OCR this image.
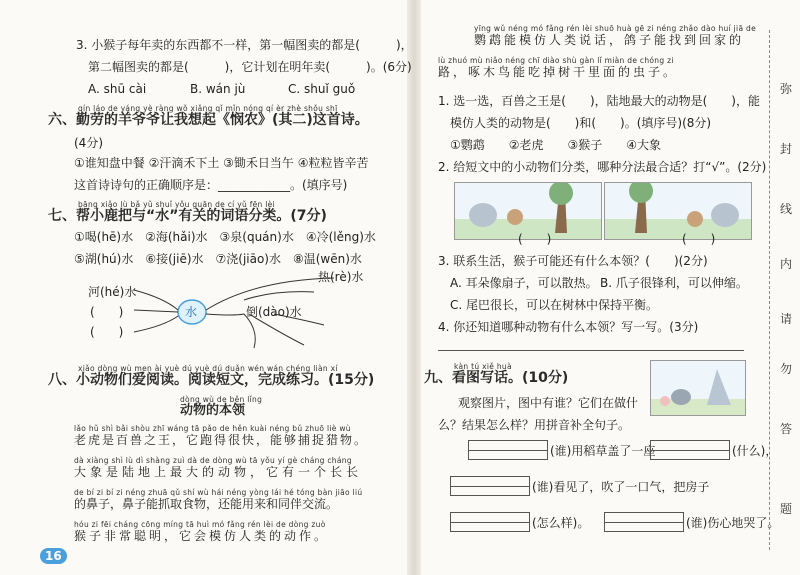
3. 小猴子每年卖的东西都不一样，第一幅图卖的都是(　　　)，
第二幅图卖的都是(　　　)，它计划在明年卖(　　　)。(6分)
A. shū cài	B. wán jù	C. shuǐ guǒ
qín láo de yáng yè ràng wǒ xiǎng qǐ mǐn nóng qí èr zhè shǒu shī
六、勤劳的羊爷爷让我想起《悯农》(其二)这首诗。
(4分)
①谁知盘中餐 ②汗滴禾下土 ③锄禾日当午 ④粒粒皆辛苦
这首诗诗句的正确顺序是：____________。(填序号)
bāng xiǎo lù bǎ yǔ shuǐ yǒu guān de cí yǔ fēn lèi
七、帮小鹿把与“水”有关的词语分类。(7分)
①喝(hē)水　②海(hǎi)水　③泉(quán)水　④冷(lěng)水
⑤湖(hú)水　⑥接(jiē)水　⑦浇(jiāo)水　⑧温(wēn)水
水
河(hé)水
热(rè)水
倒(dào)水
(　　)
(　　)
xiǎo dòng wù men ài yuè dú yuè dú duǎn wén wán chéng liàn xí
八、小动物们爱阅读。阅读短文，完成练习。(15分)
dòng wù de běn lǐng
动物的本领
lǎo hǔ shì bǎi shòu zhī wáng tā pǎo de hěn kuài néng bǔ zhuō liè wù
老虎是百兽之王，它跑得很快，能够捕捉猎物。
dà xiàng shì lù dì shàng zuì dà de dòng wù tā yǒu yí gè cháng cháng
大象是陆地上最大的动物，它有一个长长
de bí zi bí zi néng zhuā qǔ shí wù hái néng yòng lái hé tóng bàn jiāo liú
的鼻子，鼻子能抓取食物，还能用来和同伴交流。
hóu zi fēi cháng cōng míng tā huì mó fǎng rén lèi de dòng zuò
猴子非常聪明，它会模仿人类的动作。
16
yīng wǔ néng mó fǎng rén lèi shuō huà gē zi néng zhǎo dào huí jiā de
鹦鹉能模仿人类说话，鸽子能找到回家的
lù zhuó mù niǎo néng chī diào shù gàn lǐ miàn de chóng zi
路，啄木鸟能吃掉树干里面的虫子。
1. 选一选，百兽之王是(　　)，陆地最大的动物是(　　)，能
模仿人类的动物是(　　)和(　　)。(填序号)(8分)
①鹦鹉　　②老虎　　③猴子　　④大象
2. 给短文中的小动物们分类，哪种分法最合适？打“√”。(2分)
(　　)	(　　)
3. 联系生活，猴子可能还有什么本领？(　　)(2分)
A. 耳朵像扇子，可以散热。 B. 爪子很锋利，可以伸缩。
C. 尾巴很长，可以在树林中保持平衡。
4. 你还知道哪种动物有什么本领？写一写。(3分)
kàn tú xiě huà
九、看图写话。(10分)
观察图片，图中有谁？它们在做什
么？结果怎么样？用拼音补全句子。
(谁)用稻草盖了一座	(什么)，
(谁)看见了，吹了一口气，把房子
(怎么样)。	(谁)伤心地哭了。
弥
封
线
内
请
勿
答
题
